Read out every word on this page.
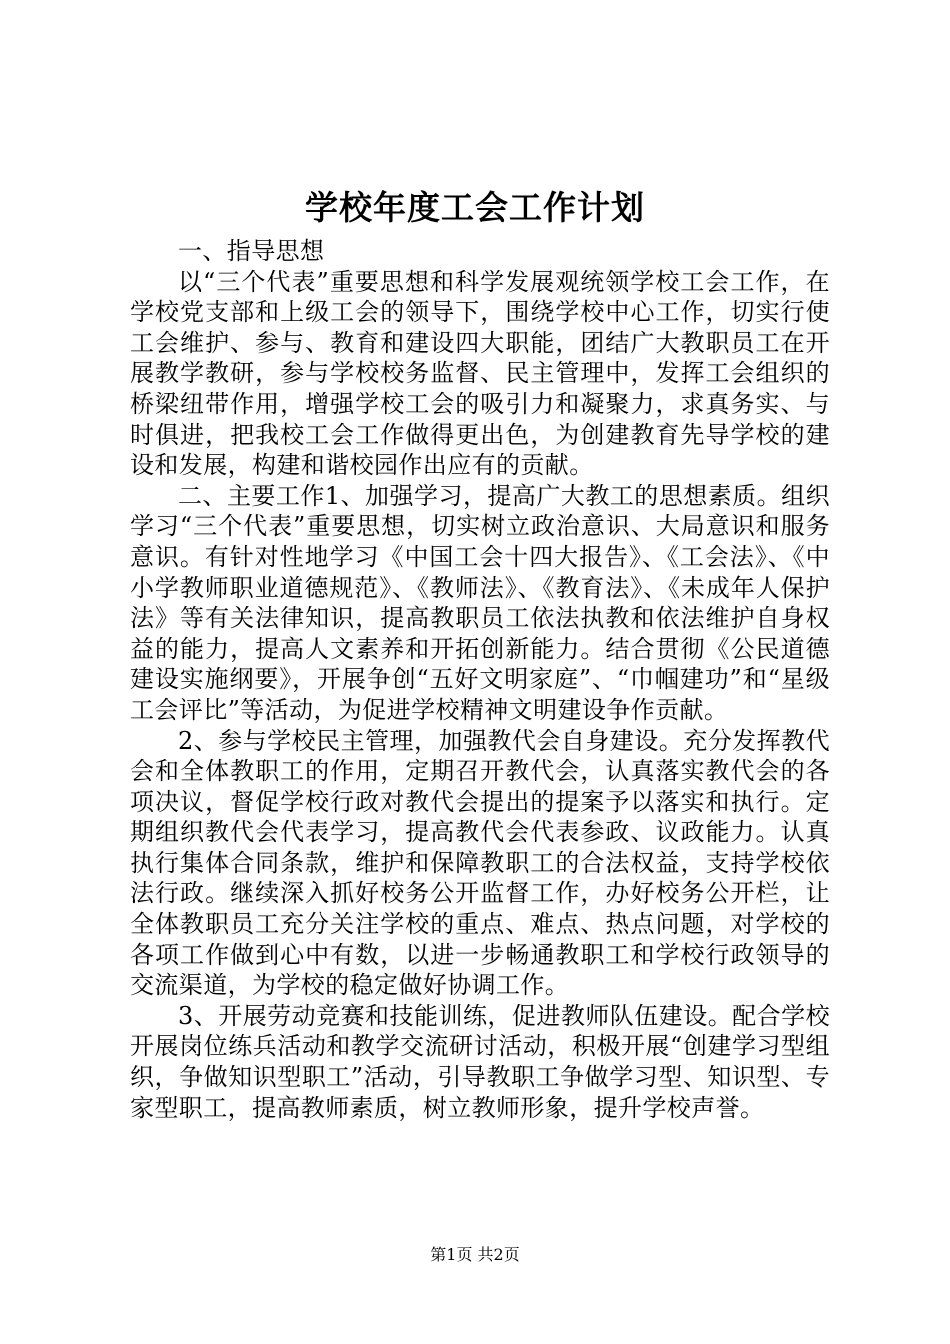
学校年度工会工作计划

一、指导思想

以“三个代表”重要思想和科学发展观统领学校工会工作，在学校党支部和上级工会的领导下，围绕学校中心工作，切实行使工会维护、参与、教育和建设四大职能，团结广大教职员工在开展教学教研，参与学校校务监督、民主管理中，发挥工会组织的桥梁纽带作用，增强学校工会的吸引力和凝聚力，求真务实、与时俱进，把我校工会工作做得更出色，为创建教育先导学校的建设和发展，构建和谐校园作出应有的贡献。

二、主要工作1、加强学习，提高广大教工的思想素质。组织学习“三个代表”重要思想，切实树立政治意识、大局意识和服务意识。有针对性地学习《中国工会十四大报告》、《工会法》、《中小学教师职业道德规范》、《教师法》、《教育法》、《未成年人保护法》等有关法律知识，提高教职员工依法执教和依法维护自身权益的能力，提高人文素养和开拓创新能力。结合贯彻《公民道德建设实施纲要》，开展争创“五好文明家庭”、“巾帼建功”和“星级工会评比”等活动，为促进学校精神文明建设争作贡献。

2、参与学校民主管理，加强教代会自身建设。充分发挥教代会和全体教职工的作用，定期召开教代会，认真落实教代会的各项决议，督促学校行政对教代会提出的提案予以落实和执行。定期组织教代会代表学习，提高教代会代表参政、议政能力。认真执行集体合同条款，维护和保障教职工的合法权益，支持学校依法行政。继续深入抓好校务公开监督工作，办好校务公开栏，让全体教职员工充分关注学校的重点、难点、热点问题，对学校的各项工作做到心中有数，以进一步畅通教职工和学校行政领导的交流渠道，为学校的稳定做好协调工作。

3、开展劳动竞赛和技能训练，促进教师队伍建设。配合学校开展岗位练兵活动和教学交流研讨活动，积极开展“创建学习型组织，争做知识型职工”活动，引导教职工争做学习型、知识型、专家型职工，提高教师素质，树立教师形象，提升学校声誉。

第1页 共2页
